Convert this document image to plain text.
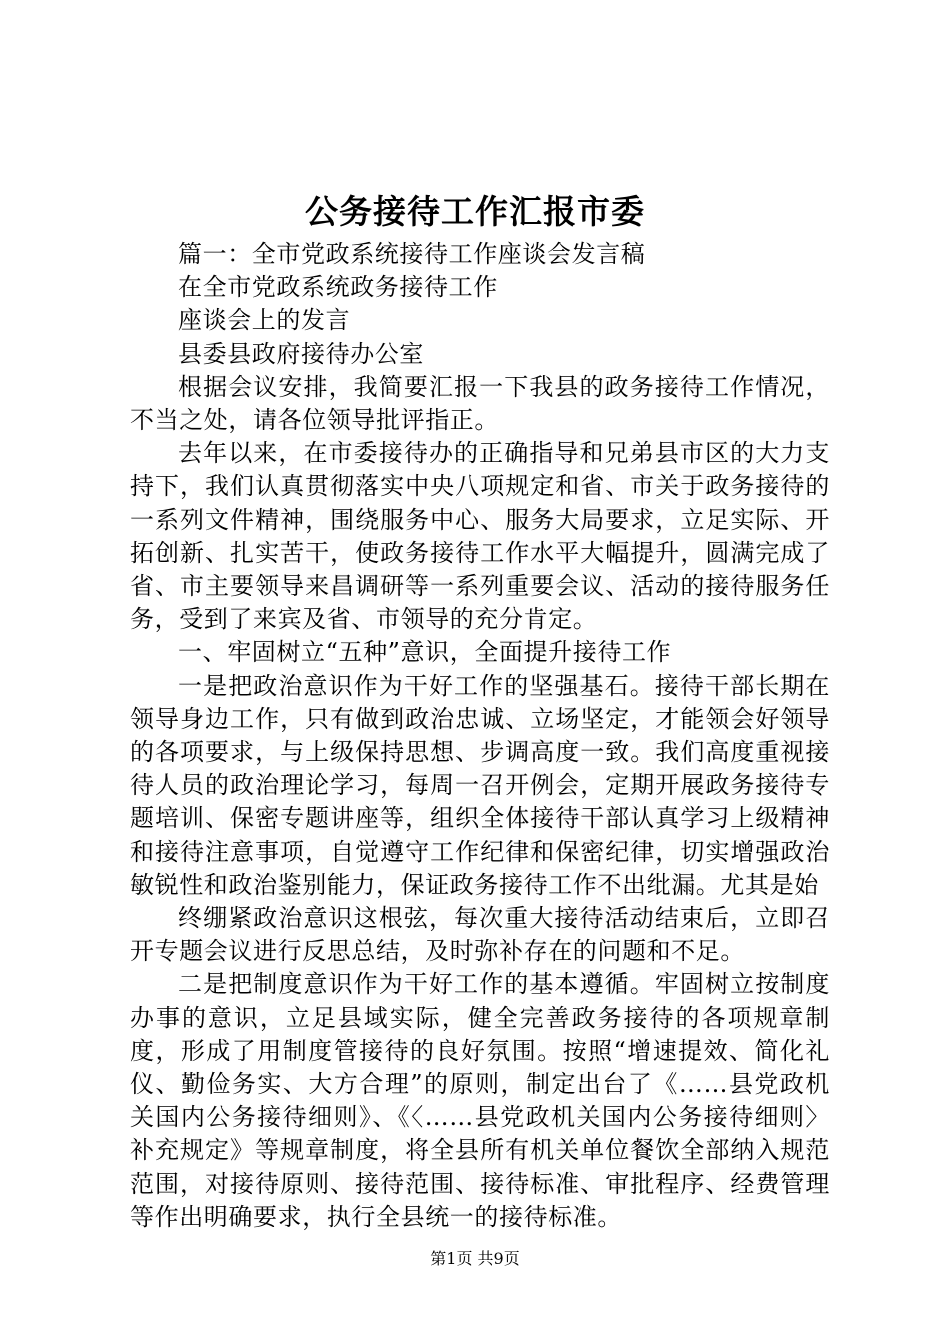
公务接待工作汇报市委

篇一：全市党政系统接待工作座谈会发言稿

在全市党政系统政务接待工作

座谈会上的发言

县委县政府接待办公室

根据会议安排，我简要汇报一下我县的政务接待工作情况，不当之处，请各位领导批评指正。

去年以来，在市委接待办的正确指导和兄弟县市区的大力支持下，我们认真贯彻落实中央八项规定和省、市关于政务接待的一系列文件精神，围绕服务中心、服务大局要求，立足实际、开拓创新、扎实苦干，使政务接待工作水平大幅提升，圆满完成了省、市主要领导来昌调研等一系列重要会议、活动的接待服务任务，受到了来宾及省、市领导的充分肯定。

一、牢固树立“五种”意识，全面提升接待工作

一是把政治意识作为干好工作的坚强基石。接待干部长期在领导身边工作，只有做到政治忠诚、立场坚定，才能领会好领导的各项要求，与上级保持思想、步调高度一致。我们高度重视接待人员的政治理论学习，每周一召开例会，定期开展政务接待专题培训、保密专题讲座等，组织全体接待干部认真学习上级精神和接待注意事项，自觉遵守工作纪律和保密纪律，切实增强政治敏锐性和政治鉴别能力，保证政务接待工作不出纰漏。尤其是始

终绷紧政治意识这根弦，每次重大接待活动结束后，立即召开专题会议进行反思总结，及时弥补存在的问题和不足。

二是把制度意识作为干好工作的基本遵循。牢固树立按制度办事的意识，立足县域实际，健全完善政务接待的各项规章制度，形成了用制度管接待的良好氛围。按照“增速提效、简化礼仪、勤俭务实、大方合理”的原则，制定出台了《……县党政机关国内公务接待细则》、《〈……县党政机关国内公务接待细则〉补充规定》等规章制度，将全县所有机关单位餐饮全部纳入规范范围，对接待原则、接待范围、接待标准、审批程序、经费管理等作出明确要求，执行全县统一的接待标准。

第1页 共9页
